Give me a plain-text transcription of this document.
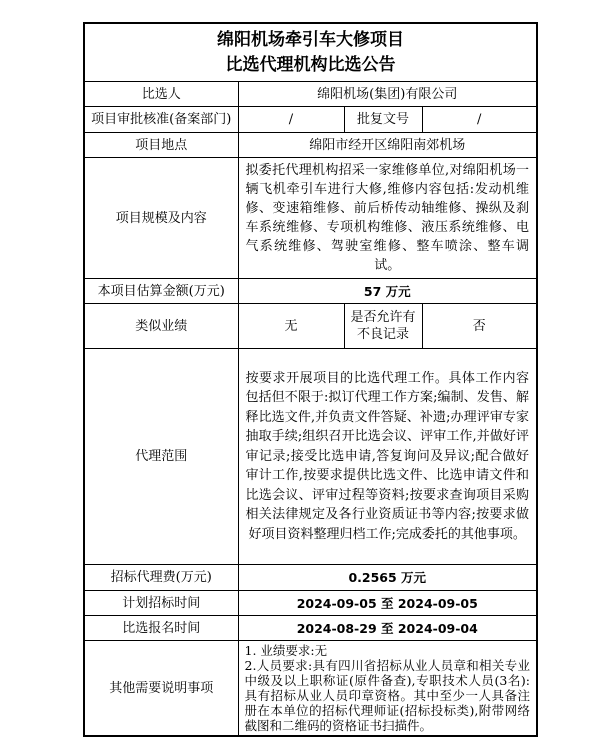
绵阳机场牵引车大修项目
比选代理机构比选公告			

比选人	绵阳机场(集团)有限公司		
项目审批核准(备案部门)	/	批复文号	/
项目地点	绵阳市经开区绵阳南郊机场		
项目规模及内容	拟委托代理机构招采一家维修单位,对绵阳机场一辆飞机牵引车进行大修,维修内容包括:发动机维修、变速箱维修、前后桥传动轴维修、操纵及刹车系统维修、专项机构维修、液压系统维修、电气系统维修、驾驶室维修、整车喷涂、整车调试。		
本项目估算金额(万元)	57 万元		
类似业绩	无	是否允许有不良记录	否
代理范围	按要求开展项目的比选代理工作。具体工作内容包括但不限于:拟订代理工作方案;编制、发售、解释比选文件,并负责文件答疑、补遗;办理评审专家抽取手续;组织召开比选会议、评审工作,并做好评审记录;接受比选申请,答复询问及异议;配合做好审计工作,按要求提供比选文件、比选申请文件和比选会议、评审过程等资料;按要求查询项目采购相关法律规定及各行业资质证书等内容;按要求做好项目资料整理归档工作;完成委托的其他事项。		
招标代理费(万元)	0.2565 万元		
计划招标时间	2024-09-05 至 2024-09-05		
比选报名时间	2024-08-29 至 2024-09-04		
其他需要说明事项	1. 业绩要求:无
2.人员要求:具有四川省招标从业人员章和相关专业中级及以上职称证(原件备查),专职技术人员(3名):具有招标从业人员印章资格。其中至少一人具备注册在本单位的招标代理师证(招标投标类),附带网络截图和二维码的资格证书扫描件。		
